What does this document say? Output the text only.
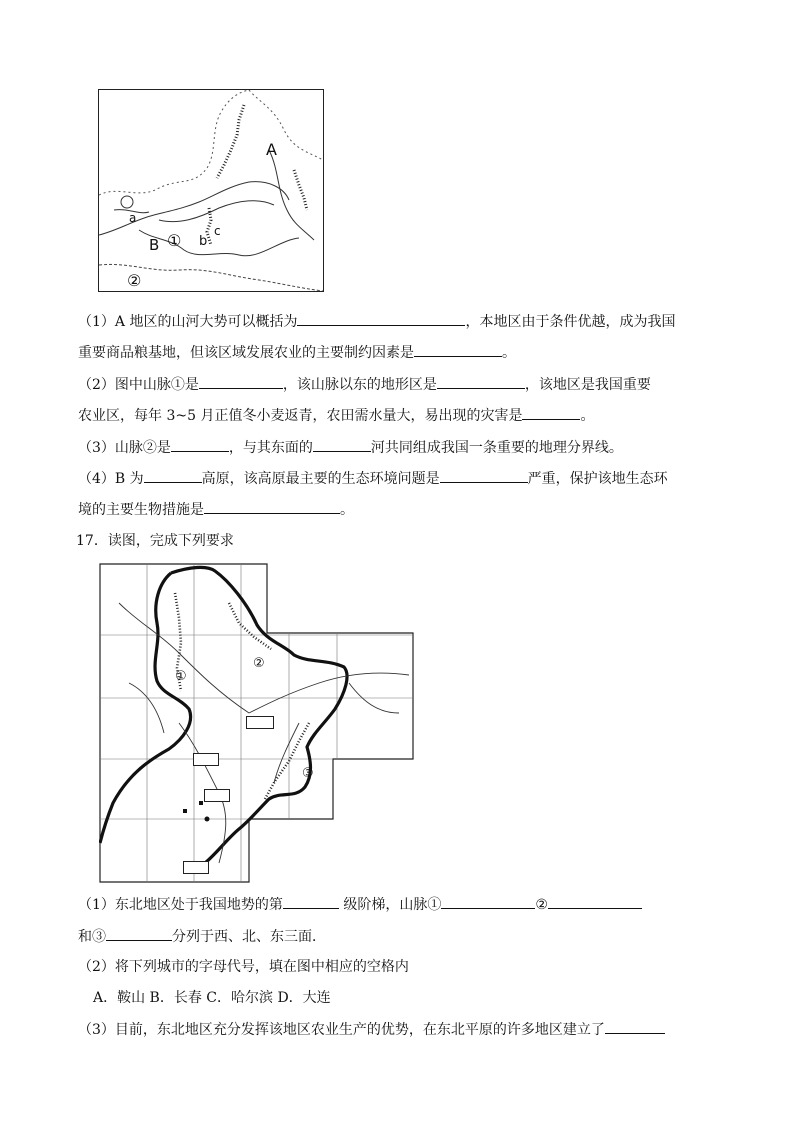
A
B
a
b
c
①
②
（1）A 地区的山河大势可以概括为	，本地区由于条件优越，成为我国
重要商品粮基地，但该区域发展农业的主要制约因素是	。
（2）图中山脉①是	，该山脉以东的地形区是	，该地区是我国重要
农业区，每年 3~5 月正值冬小麦返青，农田需水量大，易出现的灾害是	。
（3）山脉②是	，与其东面的	河共同组成我国一条重要的地理分界线。
（4）B 为	高原，该高原最主要的生态环境问题是	严重，保护该地生态环
境的主要生物措施是	。
17．读图，完成下列要求
①
②
③
（1）东北地区处于我国地势的第	级阶梯，山脉①	②
和③	分列于西、北、东三面．
（2）将下列城市的字母代号，填在图中相应的空格内
A．鞍山 B．长春 C．哈尔滨 D．大连
（3）目前，东北地区充分发挥该地区农业生产的优势，在东北平原的许多地区建立了
